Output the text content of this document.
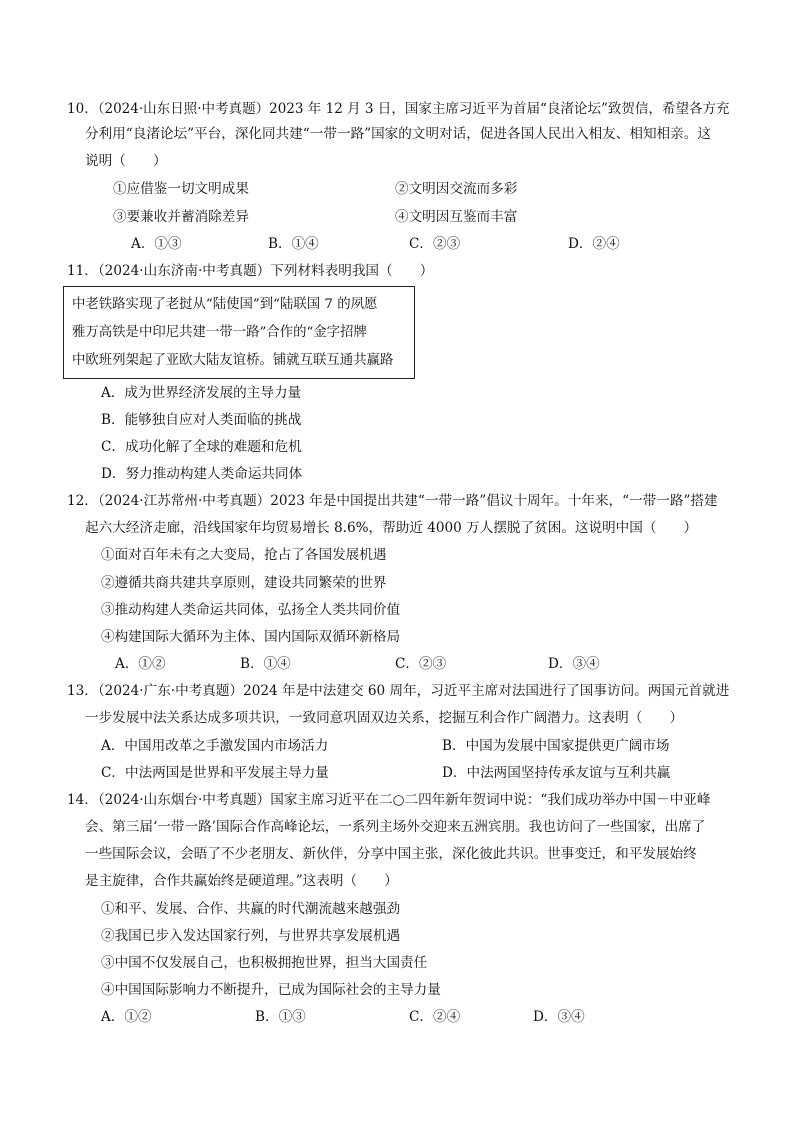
10．（2024·山东日照·中考真题）2023 年 12 月 3 日，国家主席习近平为首届“良渚论坛”致贺信，希望各方充
分利用“良渚论坛”平台，深化同共建“一带一路”国家的文明对话，促进各国人民出入相友、相知相亲。这
说明（　　）
①应借鉴一切文明成果	②文明因交流而多彩
③要兼收并蓄消除差异	④文明因互鉴而丰富
A．①③	B．①④	C．②③	D．②④
11．（2024·山东济南·中考真题）下列材料表明我国（　　）
中老铁路实现了老挝从“陆使国”到“陆联国 7 的夙愿
雅万高铁是中印尼共建一带一路”合作的“金字招牌
中欧班列架起了亚欧大陆友谊桥。铺就互联互通共赢路
A．成为世界经济发展的主导力量
B．能够独自应对人类面临的挑战
C．成功化解了全球的难题和危机
D．努力推动构建人类命运共同体
12．（2024·江苏常州·中考真题）2023 年是中国提出共建“一带一路”倡议十周年。十年来，“一带一路”搭建
起六大经济走廊，沿线国家年均贸易增长 8.6%，帮助近 4000 万人摆脱了贫困。这说明中国（　　）
①面对百年未有之大变局，抢占了各国发展机遇
②遵循共商共建共享原则，建设共同繁荣的世界
③推动构建人类命运共同体，弘扬全人类共同价值
④构建国际大循环为主体、国内国际双循环新格局
A．①②	B．①④	C．②③	D．③④
13．（2024·广东·中考真题）2024 年是中法建交 60 周年，习近平主席对法国进行了国事访问。两国元首就进
一步发展中法关系达成多项共识，一致同意巩固双边关系，挖掘互利合作广阔潜力。这表明（　　）
A．中国用改革之手激发国内市场活力	B．中国为发展中国家提供更广阔市场
C．中法两国是世界和平发展主导力量	D．中法两国坚持传承友谊与互利共赢
14．（2024·山东烟台·中考真题）国家主席习近平在二○二四年新年贺词中说：“我们成功举办中国－中亚峰
会、第三届‘一带一路’国际合作高峰论坛，一系列主场外交迎来五洲宾朋。我也访问了一些国家，出席了
一些国际会议，会晤了不少老朋友、新伙伴，分享中国主张，深化彼此共识。世事变迁，和平发展始终
是主旋律，合作共赢始终是硬道理。”这表明（　　）
①和平、发展、合作、共赢的时代潮流越来越强劲
②我国已步入发达国家行列，与世界共享发展机遇
③中国不仅发展自己，也积极拥抱世界，担当大国责任
④中国国际影响力不断提升，已成为国际社会的主导力量
A．①②	B．①③	C．②④	D．③④
